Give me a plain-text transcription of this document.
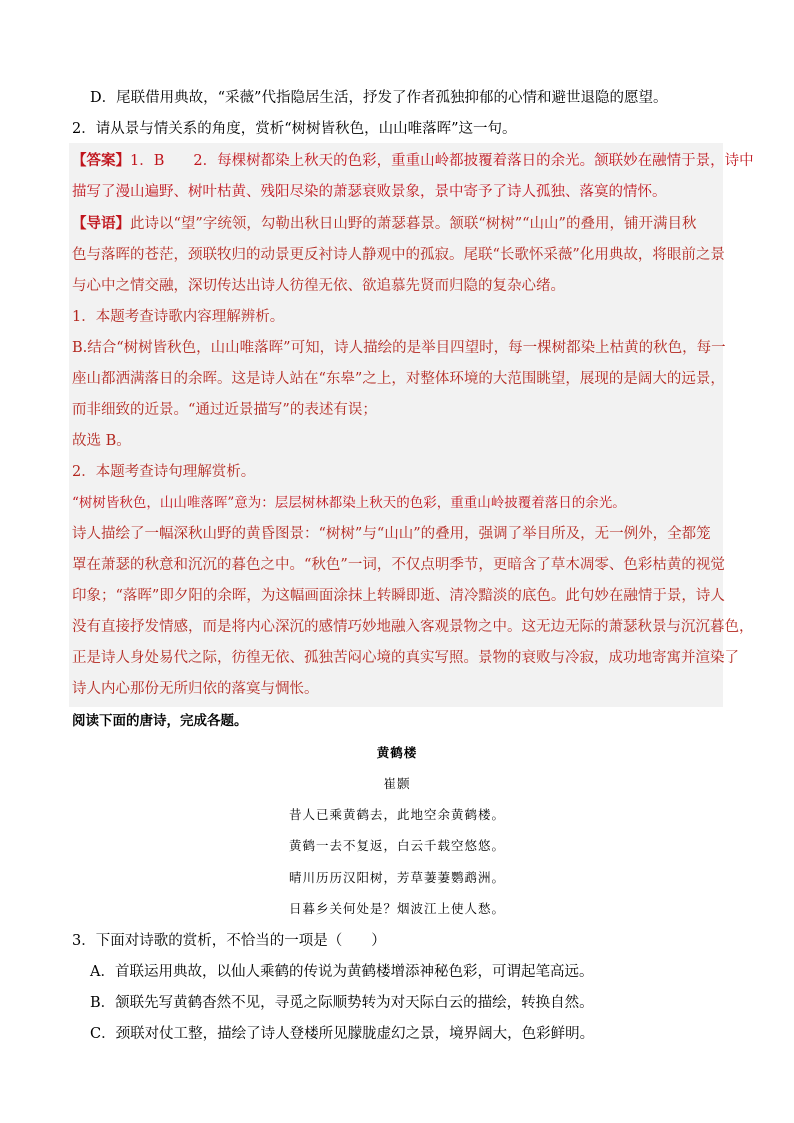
D．尾联借用典故，“采薇”代指隐居生活，抒发了作者孤独抑郁的心情和避世退隐的愿望。
2．请从景与情关系的角度，赏析“树树皆秋色，山山唯落晖”这一句。
【答案】1．B　　2．每棵树都染上秋天的色彩，重重山岭都披覆着落日的余光。颔联妙在融情于景，诗中
描写了漫山遍野、树叶枯黄、残阳尽染的萧瑟衰败景象，景中寄予了诗人孤独、落寞的情怀。
【导语】此诗以“望”字统领，勾勒出秋日山野的萧瑟暮景。颔联“树树”“山山”的叠用，铺开满目秋
色与落晖的苍茫，颈联牧归的动景更反衬诗人静观中的孤寂。尾联“长歌怀采薇”化用典故，将眼前之景
与心中之情交融，深切传达出诗人彷徨无依、欲追慕先贤而归隐的复杂心绪。
1．本题考查诗歌内容理解辨析。
B.结合“树树皆秋色，山山唯落晖”可知，诗人描绘的是举目四望时，每一棵树都染上枯黄的秋色，每一
座山都洒满落日的余晖。这是诗人站在“东皋”之上，对整体环境的大范围眺望，展现的是阔大的远景，
而非细致的近景。“通过近景描写”的表述有误；
故选 B。
2．本题考查诗句理解赏析。
“树树皆秋色，山山唯落晖”意为：层层树林都染上秋天的色彩，重重山岭披覆着落日的余光。
诗人描绘了一幅深秋山野的黄昏图景：“树树”与“山山”的叠用，强调了举目所及，无一例外，全都笼
罩在萧瑟的秋意和沉沉的暮色之中。“秋色”一词，不仅点明季节，更暗含了草木凋零、色彩枯黄的视觉
印象；“落晖”即夕阳的余晖，为这幅画面涂抹上转瞬即逝、清冷黯淡的底色。此句妙在融情于景，诗人
没有直接抒发情感，而是将内心深沉的感情巧妙地融入客观景物之中。这无边无际的萧瑟秋景与沉沉暮色，
正是诗人身处易代之际，彷徨无依、孤独苦闷心境的真实写照。景物的衰败与冷寂，成功地寄寓并渲染了
诗人内心那份无所归依的落寞与惆怅。
阅读下面的唐诗，完成各题。
黄鹤楼
崔颢
昔人已乘黄鹤去，此地空余黄鹤楼。
黄鹤一去不复返，白云千载空悠悠。
晴川历历汉阳树，芳草萋萋鹦鹉洲。
日暮乡关何处是？烟波江上使人愁。
3．下面对诗歌的赏析，不恰当的一项是（　　）
A．首联运用典故，以仙人乘鹤的传说为黄鹤楼增添神秘色彩，可谓起笔高远。
B．颔联先写黄鹤杳然不见，寻觅之际顺势转为对天际白云的描绘，转换自然。
C．颈联对仗工整，描绘了诗人登楼所见朦胧虚幻之景，境界阔大，色彩鲜明。
